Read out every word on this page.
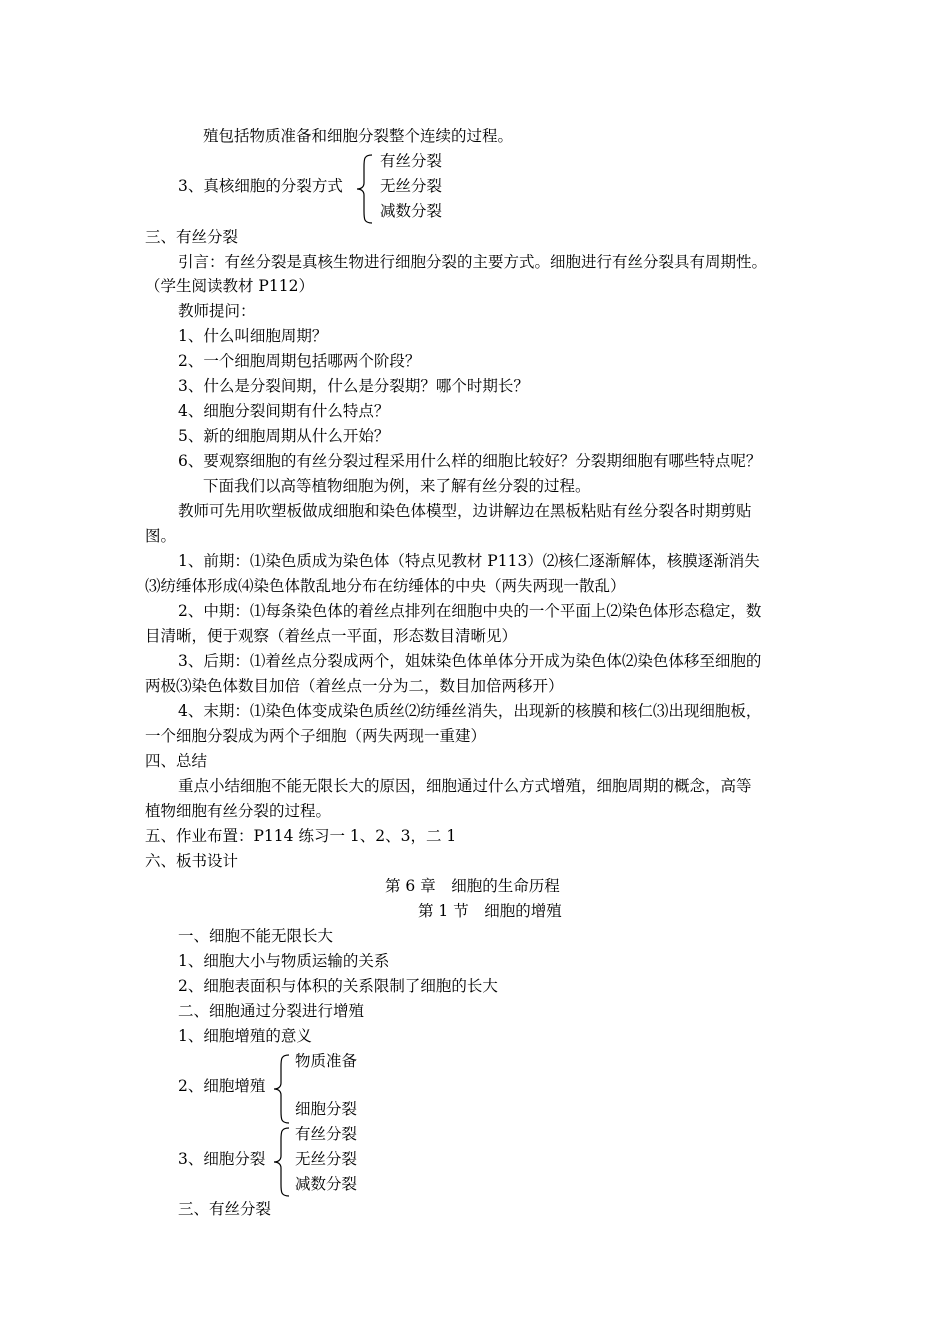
殖包括物质准备和细胞分裂整个连续的过程。
有丝分裂
3、真核细胞的分裂方式 无丝分裂
减数分裂
三、有丝分裂
引言：有丝分裂是真核生物进行细胞分裂的主要方式。细胞进行有丝分裂具有周期性。
（学生阅读教材 P112）
教师提问：
1、什么叫细胞周期？
2、一个细胞周期包括哪两个阶段？
3、什么是分裂间期，什么是分裂期？哪个时期长？
4、细胞分裂间期有什么特点？
5、新的细胞周期从什么开始？
6、要观察细胞的有丝分裂过程采用什么样的细胞比较好？分裂期细胞有哪些特点呢？
下面我们以高等植物细胞为例，来了解有丝分裂的过程。
教师可先用吹塑板做成细胞和染色体模型，边讲解边在黑板粘贴有丝分裂各时期剪贴
图。
1、前期：⑴染色质成为染色体（特点见教材 P113）⑵核仁逐渐解体，核膜逐渐消失
⑶纺缍体形成⑷染色体散乱地分布在纺缍体的中央（两失两现一散乱）
2、中期：⑴每条染色体的着丝点排列在细胞中央的一个平面上⑵染色体形态稳定，数
目清晰，便于观察（着丝点一平面，形态数目清晰见）
3、后期：⑴着丝点分裂成两个，姐妹染色体单体分开成为染色体⑵染色体移至细胞的
两极⑶染色体数目加倍（着丝点一分为二，数目加倍两移开）
4、末期：⑴染色体变成染色质丝⑵纺缍丝消失，出现新的核膜和核仁⑶出现细胞板，
一个细胞分裂成为两个子细胞（两失两现一重建）
四、总结
重点小结细胞不能无限长大的原因，细胞通过什么方式增殖，细胞周期的概念，高等
植物细胞有丝分裂的过程。
五、作业布置：P114 练习一 1、2、3，二 1
六、板书设计
第 6 章　细胞的生命历程
第 1 节　细胞的增殖
一、细胞不能无限长大
1、细胞大小与物质运输的关系
2、细胞表面积与体积的关系限制了细胞的长大
二、细胞通过分裂进行增殖
1、细胞增殖的意义
物质准备
2、细胞增殖
细胞分裂
有丝分裂
3、细胞分裂 无丝分裂
减数分裂
三、有丝分裂
